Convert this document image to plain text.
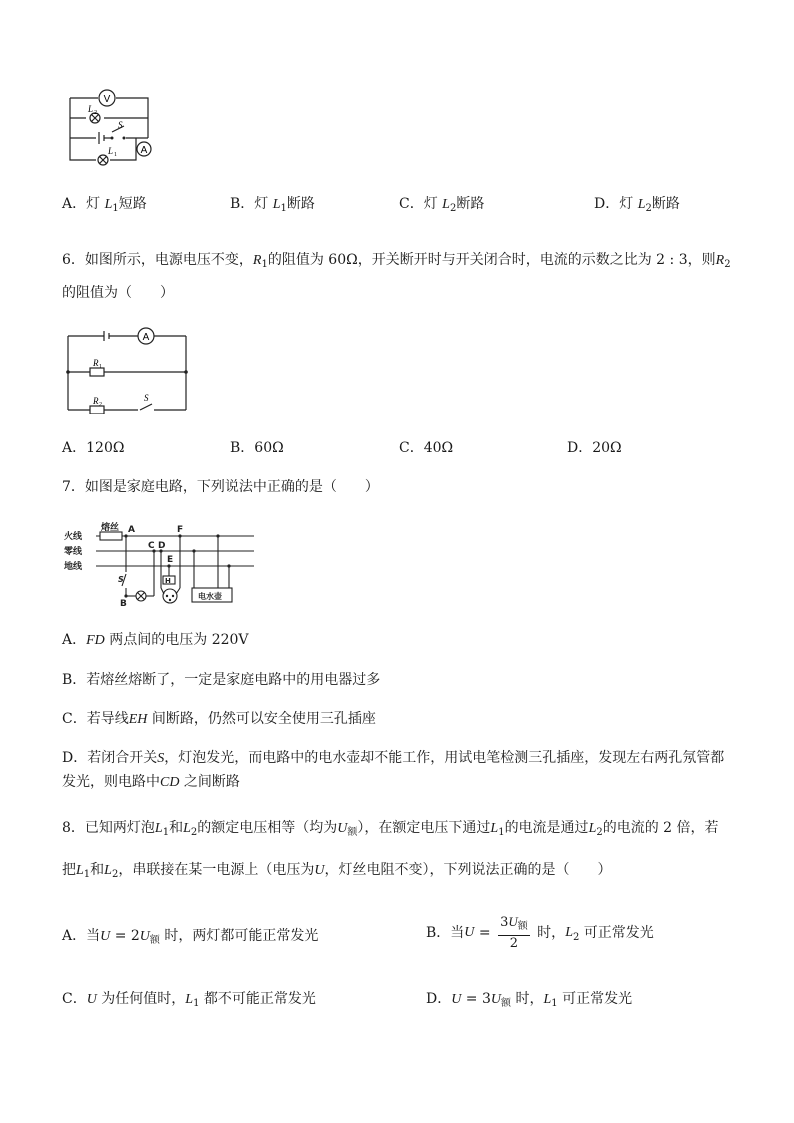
V
L 2
S
L 1 A
A．灯 $L_1$短路	B．灯 $L_1$断路	C．灯 $L_2$断路	D．灯 $L_2$断路
6．如图所示，电源电压不变，$R_1$的阻值为 60Ω，开关断开时与开关闭合时，电流的示数之比为 2 : 3，则$R_2$
的阻值为（　　）
A
R 1
R 2
S
A．120Ω	B．60Ω	C．40Ω	D．20Ω
7．如图是家庭电路，下列说法中正确的是（　　）
火线
零线
地线
熔丝 A
C D
E
F
H
S
B
电水壶
A．FD 两点间的电压为 220V
B．若熔丝熔断了，一定是家庭电路中的用电器过多
C．若导线EH 间断路，仍然可以安全使用三孔插座
D．若闭合开关S，灯泡发光，而电路中的电水壶却不能工作，用试电笔检测三孔插座，发现左右两孔氖管都
发光，则电路中CD 之间断路
8．已知两灯泡$L_1$和$L_2$的额定电压相等（均为$U_额$），在额定电压下通过$L_1$的电流是通过$L_2$的电流的 2 倍，若
把$L_1$和$L_2$，串联接在某一电源上（电压为U，灯丝电阻不变），下列说法正确的是（　　）
A．当$U = 2U_额$ 时，两灯都可能正常发光	B．当$U = \frac{3U_额}{2}$ 时，$L_2$ 可正常发光
C．U 为任何值时，$L_1$ 都不可能正常发光	D．$U = 3U_额$ 时，$L_1$ 可正常发光
